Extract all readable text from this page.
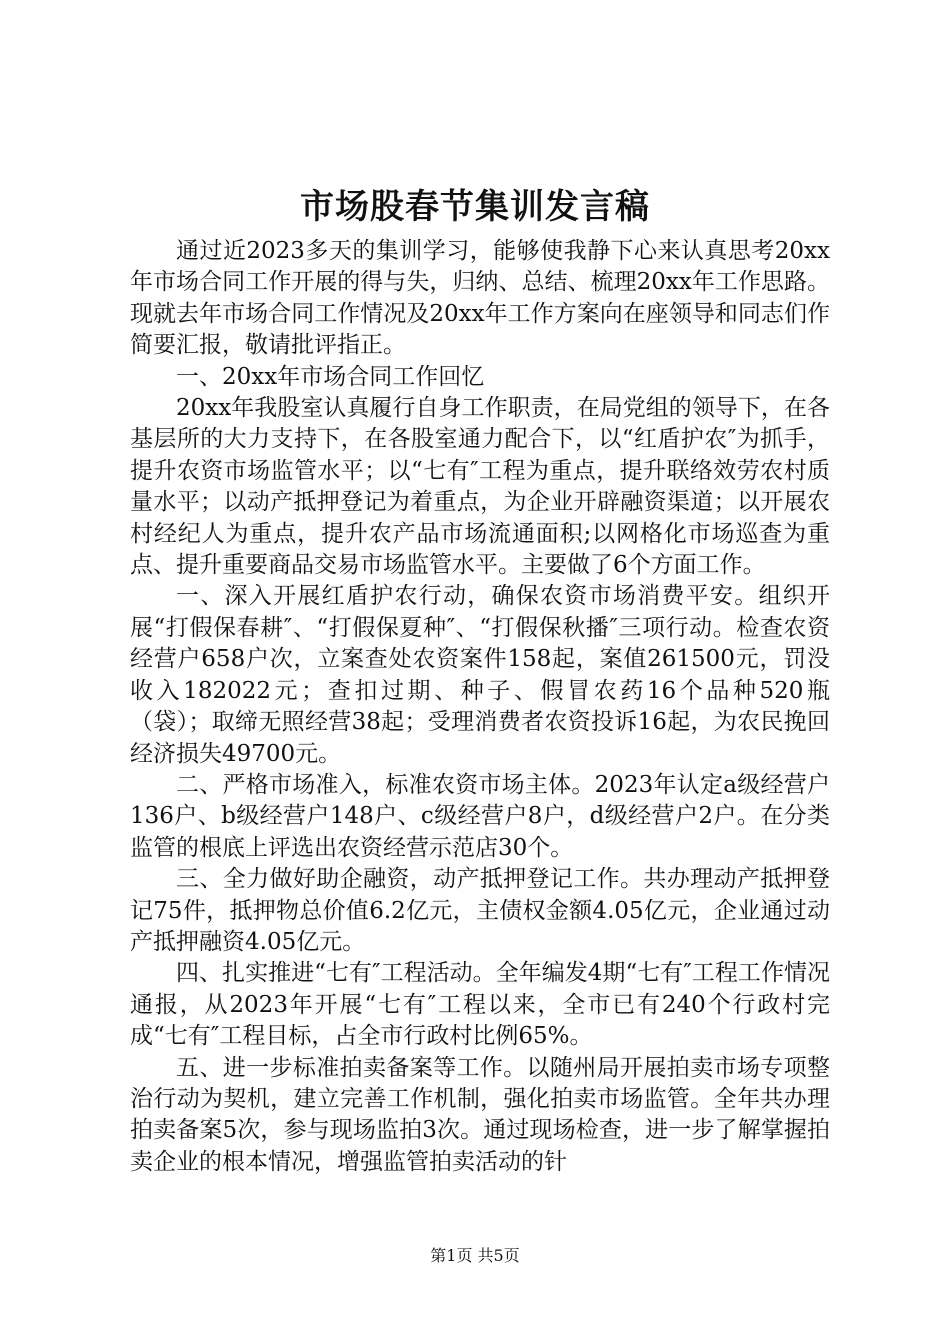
市场股春节集训发言稿

通过近2023多天的集训学习，能够使我静下心来认真思考20xx年市场合同工作开展的得与失，归纳、总结、梳理20xx年工作思路。现就去年市场合同工作情况及20xx年工作方案向在座领导和同志们作简要汇报，敬请批评指正。

一、20xx年市场合同工作回忆

20xx年我股室认真履行自身工作职责，在局党组的领导下，在各基层所的大力支持下，在各股室通力配合下，以“红盾护农″为抓手，提升农资市场监管水平；以“七有″工程为重点，提升联络效劳农村质量水平；以动产抵押登记为着重点，为企业开辟融资渠道；以开展农村经纪人为重点，提升农产品市场流通面积;以网格化市场巡查为重点、提升重要商品交易市场监管水平。主要做了6个方面工作。

一、深入开展红盾护农行动，确保农资市场消费平安。组织开展“打假保春耕″、“打假保夏种″、“打假保秋播″三项行动。检查农资经营户658户次，立案查处农资案件158起，案值261500元，罚没收入182022元；查扣过期、种子、假冒农药16个品种520瓶（袋）；取缔无照经营38起；受理消费者农资投诉16起，为农民挽回经济损失49700元。

二、严格市场准入，标准农资市场主体。2023年认定a级经营户136户、b级经营户148户、c级经营户8户，d级经营户2户。在分类监管的根底上评选出农资经营示范店30个。

三、全力做好助企融资，动产抵押登记工作。共办理动产抵押登记75件，抵押物总价值6.2亿元，主债权金额4.05亿元，企业通过动产抵押融资4.05亿元。

四、扎实推进“七有″工程活动。全年编发4期“七有″工程工作情况通报，从2023年开展“七有″工程以来，全市已有240个行政村完成“七有″工程目标，占全市行政村比例65%。

五、进一步标准拍卖备案等工作。以随州局开展拍卖市场专项整治行动为契机，建立完善工作机制，强化拍卖市场监管。全年共办理拍卖备案5次，参与现场监拍3次。通过现场检查，进一步了解掌握拍卖企业的根本情况，增强监管拍卖活动的针

第1页 共5页
